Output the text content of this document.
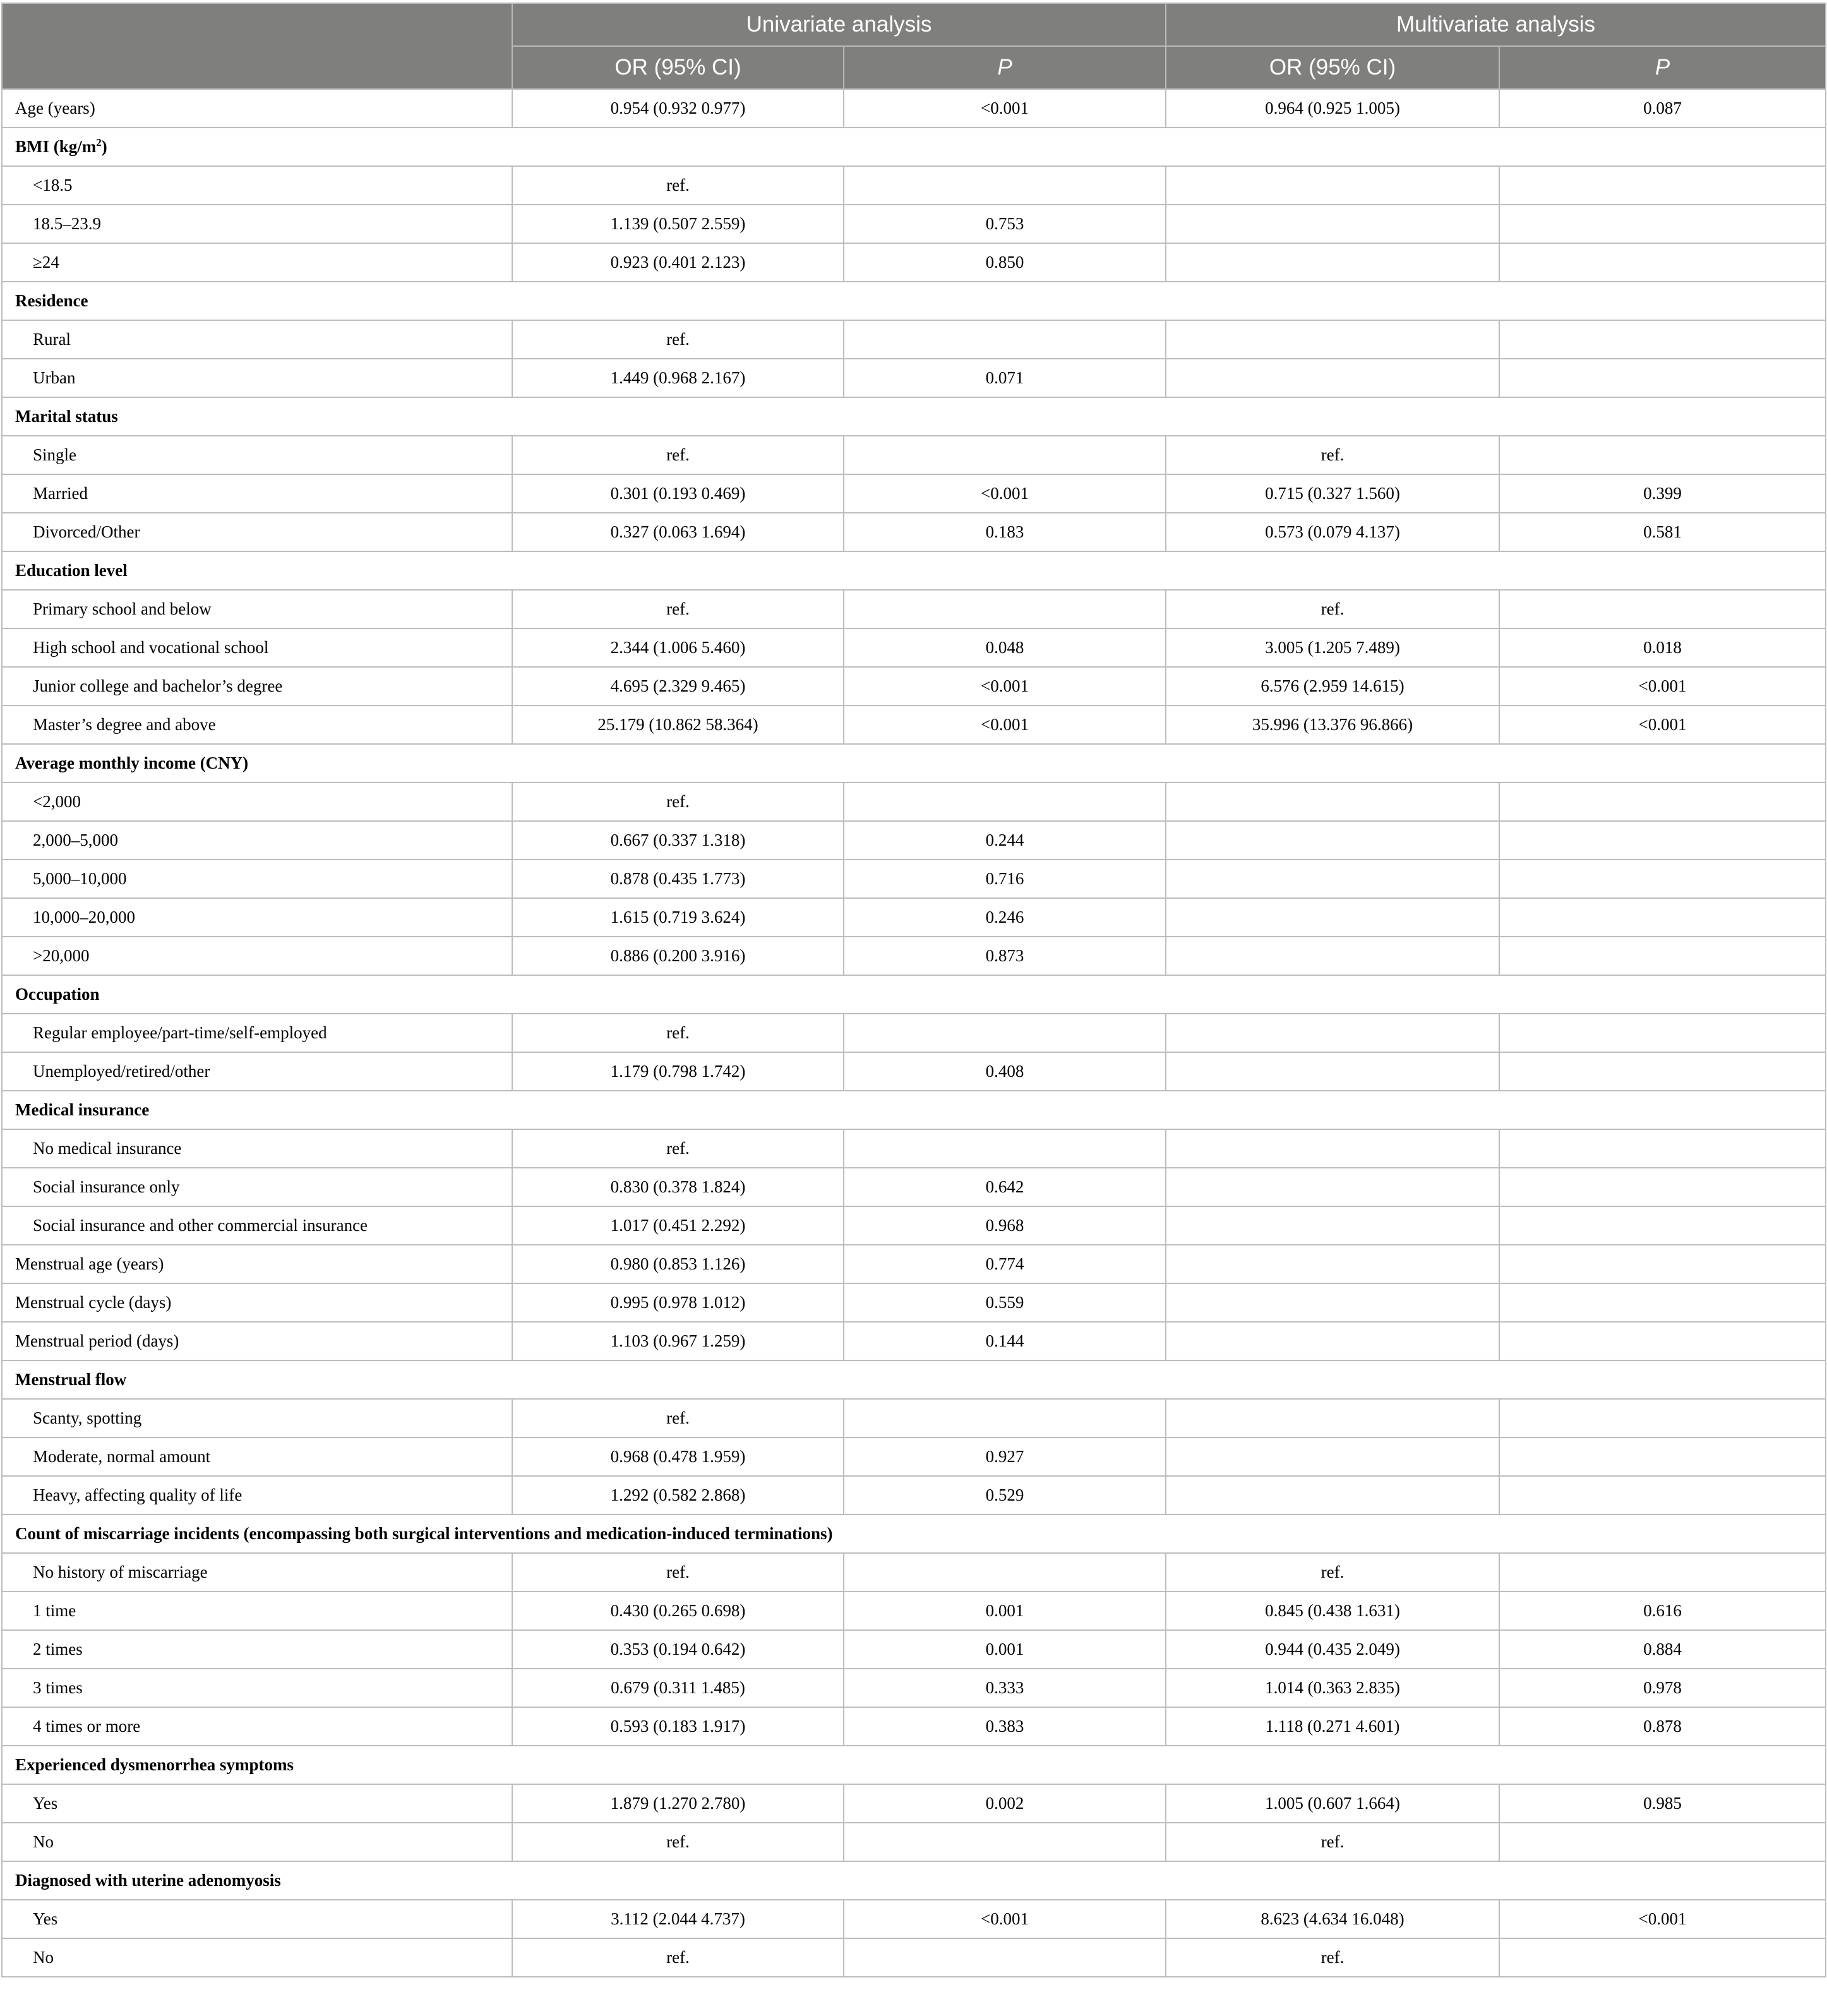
	Univariate analysis		Multivariate analysis	
	OR (95% CI)	P	OR (95% CI)	P
Age (years)	0.954 (0.932 0.977)	<0.001	0.964 (0.925 1.005)	0.087
BMI $(kg/m^2)$				
<18.5	ref.			
18.5–23.9	1.139 (0.507 2.559)	0.753		
≥24	0.923 (0.401 2.123)	0.850		
Residence				
Rural	ref.			
Urban	1.449 (0.968 2.167)	0.071		
Marital status				
Single	ref.		ref.	
Married	0.301 (0.193 0.469)	<0.001	0.715 (0.327 1.560)	0.399
Divorced/Other	0.327 (0.063 1.694)	0.183	0.573 (0.079 4.137)	0.581
Education level				
Primary school and below	ref.		ref.	
High school and vocational school	2.344 (1.006 5.460)	0.048	3.005 (1.205 7.489)	0.018
Junior college and bachelor’s degree	4.695 (2.329 9.465)	<0.001	6.576 (2.959 14.615)	<0.001
Master’s degree and above	25.179 (10.862 58.364)	<0.001	35.996 (13.376 96.866)	<0.001
Average monthly income (CNY)				
<2,000	ref.			
2,000–5,000	0.667 (0.337 1.318)	0.244		
5,000–10,000	0.878 (0.435 1.773)	0.716		
10,000–20,000	1.615 (0.719 3.624)	0.246		
>20,000	0.886 (0.200 3.916)	0.873		
Occupation				
Regular employee/part-time/self-employed	ref.			
Unemployed/retired/other	1.179 (0.798 1.742)	0.408		
Medical insurance				
No medical insurance	ref.			
Social insurance only	0.830 (0.378 1.824)	0.642		
Social insurance and other commercial insurance	1.017 (0.451 2.292)	0.968		
Menstrual age (years)	0.980 (0.853 1.126)	0.774		
Menstrual cycle (days)	0.995 (0.978 1.012)	0.559		
Menstrual period (days)	1.103 (0.967 1.259)	0.144		
Menstrual flow				
Scanty, spotting	ref.			
Moderate, normal amount	0.968 (0.478 1.959)	0.927		
Heavy, affecting quality of life	1.292 (0.582 2.868)	0.529		
Count of miscarriage incidents (encompassing both surgical interventions and medication-induced terminations)				
No history of miscarriage	ref.		ref.	
1 time	0.430 (0.265 0.698)	0.001	0.845 (0.438 1.631)	0.616
2 times	0.353 (0.194 0.642)	0.001	0.944 (0.435 2.049)	0.884
3 times	0.679 (0.311 1.485)	0.333	1.014 (0.363 2.835)	0.978
4 times or more	0.593 (0.183 1.917)	0.383	1.118 (0.271 4.601)	0.878
Experienced dysmenorrhea symptoms				
Yes	1.879 (1.270 2.780)	0.002	1.005 (0.607 1.664)	0.985
No	ref.		ref.	
Diagnosed with uterine adenomyosis				
Yes	3.112 (2.044 4.737)	<0.001	8.623 (4.634 16.048)	<0.001
No	ref.		ref.	
